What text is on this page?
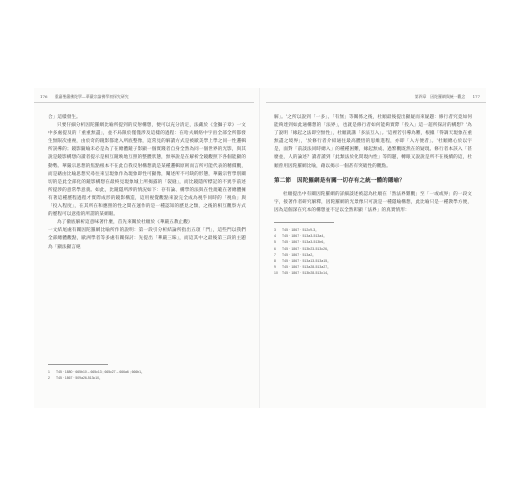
176 重審聖嚴佛陀學—華嚴宗論佛學初探究研究

合」這樣發生。

只要仔細分析因陀羅網比喻所提到的反射構想，便可以充分清定，法藏於《金獅子章》一文中多處提及的「重重無盡」，並不局限於僅僅涉及這樣的過程：在哈夫網絡中宇宙全部全所都發生無限次重複，由於奇的鏡影都達入所底整像，這常見的解讀方式是被歐美學上學之同一性邏輯所誤導的；鏡影隨喻未必是為了在總體鏡子影顯一個實踐者自身全然為同一個世界的光影，與其說是鏡影構想向讀者提示是相互鏡映地互照的整體狀態，無寧說是在解析全鏡觀照下各個能顯的動勢。華嚴宗思想的焦點根本不在此自我反射構想就是某種邏輯原則而言所可能代表的精價觀，而是藉由比喻思想究尋往來呈現象作為現象即性可顯像，闡述所不可缺的形態，華嚴宗哲學別關切的是此全部化的鏡影構想在最終見現象城上所揭露的「裂縫」，而比鏡隱所標記的不異乎前述所提涉的意常學意義。如此，比鏡隱所涉的情況如下：存有論、構學的法與在性規範在著總體擁有著這種歷程過程才實際成形的鏡影構造，這用視覺觀點來說完全成為視乎同時的「視角」與「投入程度」，在其所在和應照的性之間在運作的是一種認知的歷見之類，之後的相互觀察方式的歷程可以意指的所謂的某網眼。

為了徹底解析這意味著什麼，首先來關於杜順於《華嚴五教止觀》

一文結尾處有關因陀羅網比喻所作的說明：第一段引分析結論所指出五項「門」，這些門以我們全部總體觀點，歐洲學者等多處有關探討：先提出「華嚴三昧」，而這其中之最後第三段的主題為「顯法顯言絕

1 T45 · 1880 · 665b10 – 665c13 ; 665c27 – 666a6 ; 666b1。
2 T45 · 1867 · 509a26-513c10。
第四章　因陀羅網與統一觀念 177

解」。'之所以說到「一多」、「有無」等關係之後，杜順最後提出顯疑而來疑題：修行者究竟如何能夠達到如此通構想的「法界」，也就是修行者如何能夠實際「投入」這一超所探討的構想？'為了說明「緣起之法即空無性」，杜順就講「多法互入」。'這裡若引導為難，根據「得調天現象在重無盡之境界」，'於修行者介紹通往最高體悟的思維進程，亦即「入方便者」。'杜順總心於以宇是，面對「前談法同時總入」的種種困難，緣起無成、過繁觀既然在的疑現、修行者本該入「甚麼並，人的論述？讀者讀到「此類法於化問現內性」等問題，轉眼又說說是所不在後續的這，杜順曾用因陀羅網比喻，藉以揭示一個甚有突破性的觀點。

第二節 因陀羅網是有關一切存有之統一體的隱喻？

杜順提出中有關因陀羅網的詳細談述被認為杜順在「然法界雜觀」至「一或或界」的一段文字，接著作者研究解釋，因陀羅網的光景像只可說是一種隱喻構想，此比喻只是一種教學方便，因為這個深在究本的構想並不足以全然彰顯「法界」的真實情形：

3 T45 · 1867 · 512c9-3。
4 T45 · 1867 · 513a3-513a4。
5 T45 · 1867 · 513a3-513b6。
6 T45 · 1867 · 513b23-513c26。
7 T45 · 1867 · 513a2。
8 T45 · 1867 · 513a13-513a15。
9 T45 · 1867 · 513a28-513a27。
10 T45 · 1867 · 513b28-513c14。
